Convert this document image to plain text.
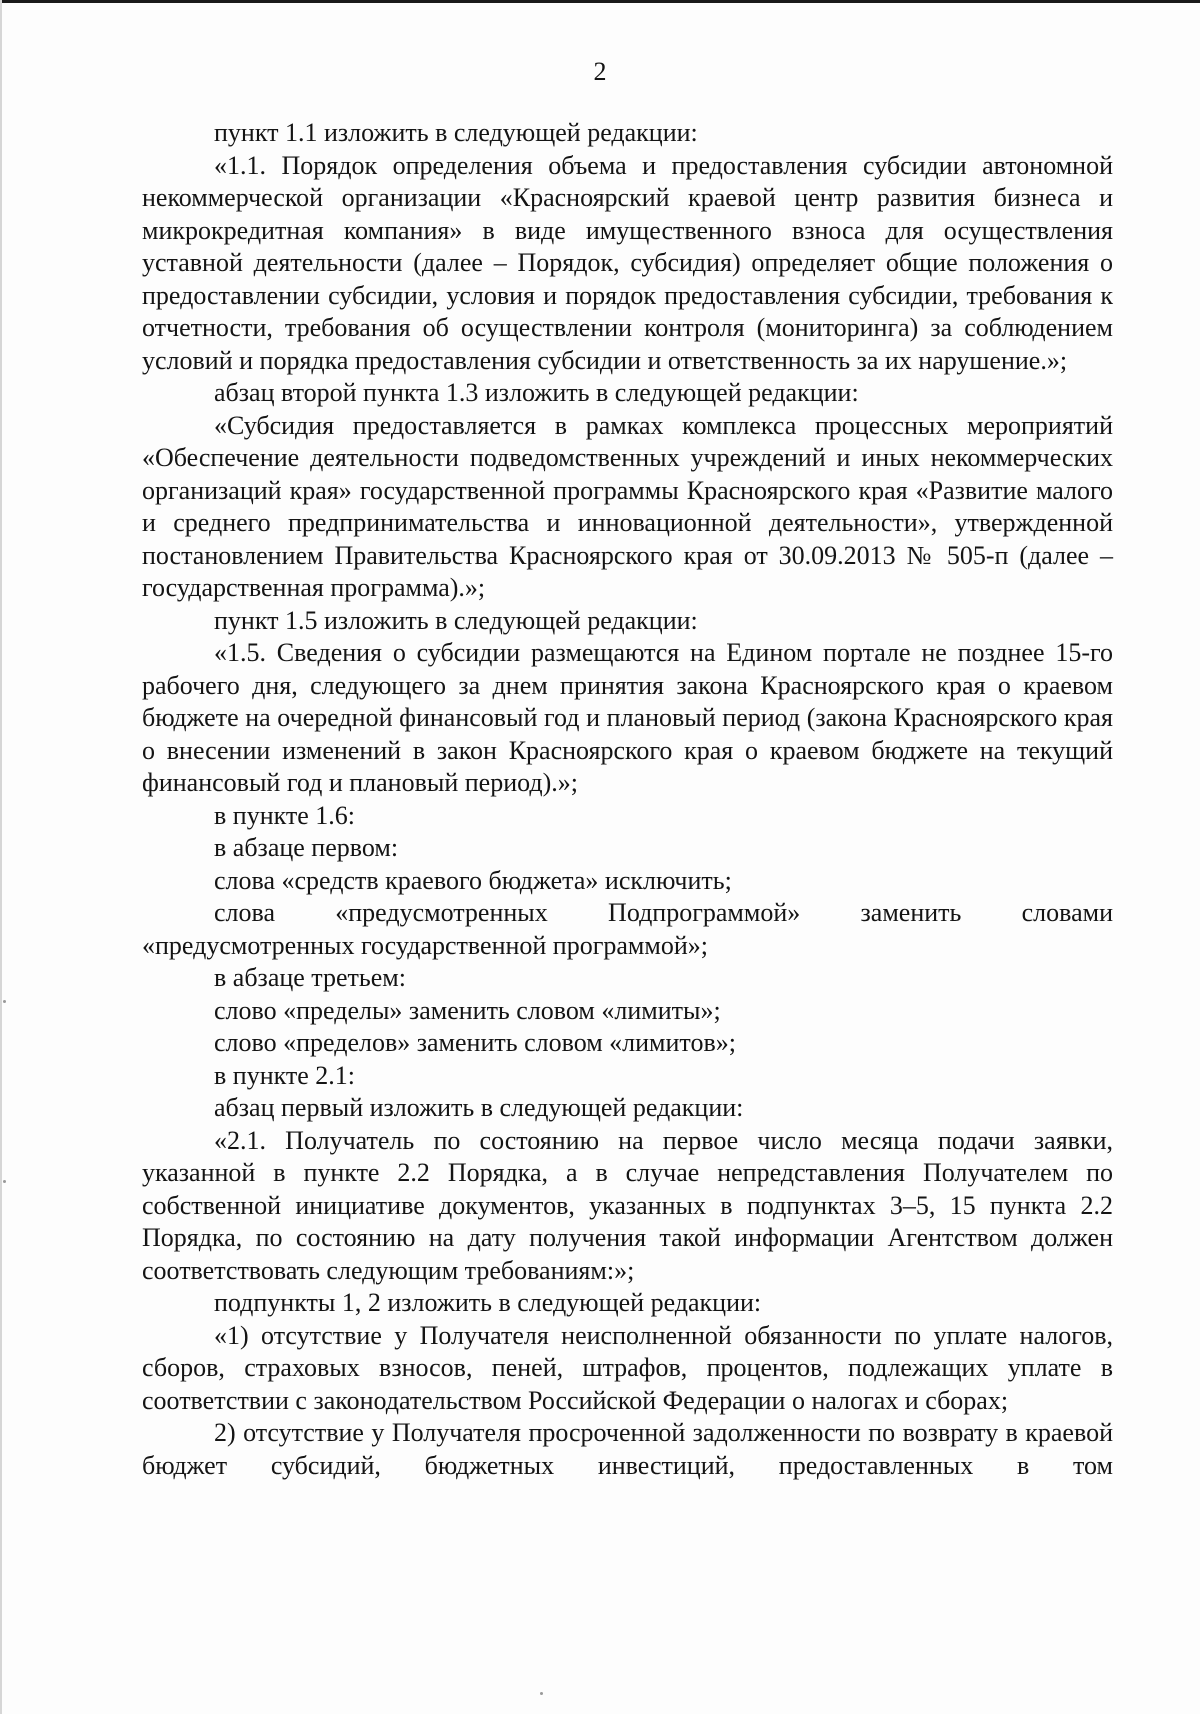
2

пункт 1.1 изложить в следующей редакции:

«1.1. Порядок определения объема и предоставления субсидии автономной некоммерческой организации «Красноярский краевой центр развития бизнеса и микрокредитная компания» в виде имущественного взноса для осуществления уставной деятельности (далее – Порядок, субсидия) определяет общие положения о предоставлении субсидии, условия и порядок предоставления субсидии, требования к отчетности, требования об осуществлении контроля (мониторинга) за соблюдением условий и порядка предоставления субсидии и ответственность за их нарушение.»;

абзац второй пункта 1.3 изложить в следующей редакции:

«Субсидия предоставляется в рамках комплекса процессных мероприятий «Обеспечение деятельности подведомственных учреждений и иных некоммерческих организаций края» государственной программы Красноярского края «Развитие малого и среднего предпринимательства и инновационной деятельности», утвержденной постановлением Правительства Красноярского края от 30.09.2013 № 505-п (далее – государственная программа).»;

пункт 1.5 изложить в следующей редакции:

«1.5. Сведения о субсидии размещаются на Едином портале не позднее 15-го рабочего дня, следующего за днем принятия закона Красноярского края о краевом бюджете на очередной финансовый год и плановый период (закона Красноярского края о внесении изменений в закон Красноярского края о краевом бюджете на текущий финансовый год и плановый период).»;

в пункте 1.6:

в абзаце первом:

слова «средств краевого бюджета» исключить;

слова «предусмотренных Подпрограммой» заменить словами «предусмотренных государственной программой»;

в абзаце третьем:

слово «пределы» заменить словом «лимиты»;

слово «пределов» заменить словом «лимитов»;

в пункте 2.1:

абзац первый изложить в следующей редакции:

«2.1. Получатель по состоянию на первое число месяца подачи заявки, указанной в пункте 2.2 Порядка, а в случае непредставления Получателем по собственной инициативе документов, указанных в подпунктах 3–5, 15 пункта 2.2 Порядка, по состоянию на дату получения такой информации Агентством должен соответствовать следующим требованиям:»;

подпункты 1, 2 изложить в следующей редакции:

«1) отсутствие у Получателя неисполненной обязанности по уплате налогов, сборов, страховых взносов, пеней, штрафов, процентов, подлежащих уплате в соответствии с законодательством Российской Федерации о налогах и сборах;

2) отсутствие у Получателя просроченной задолженности по возврату в краевой бюджет субсидий, бюджетных инвестиций, предоставленных в том
